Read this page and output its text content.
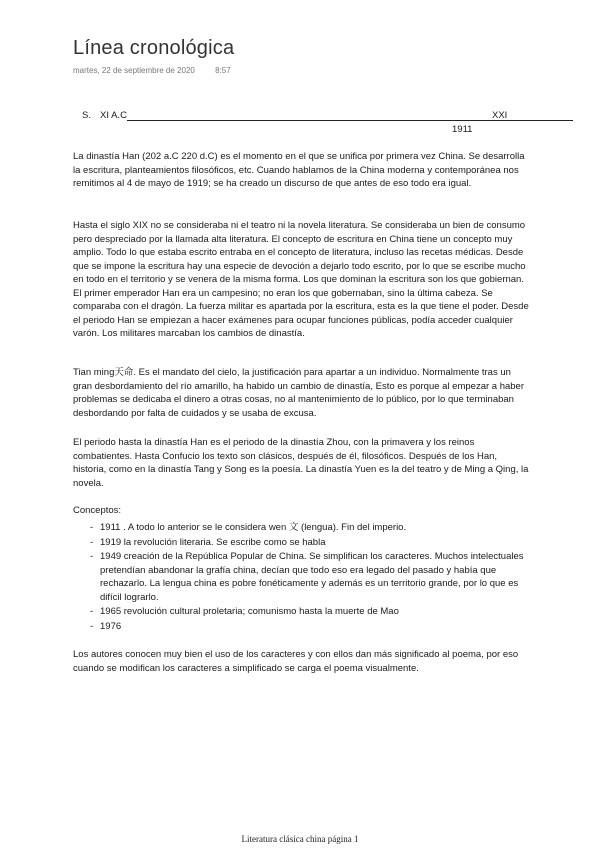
Línea cronológica
martes, 22 de septiembre de 2020	8:57
S. XI A.C	XXI
1911
La dinastía Han (202 a.C 220 d.C) es el momento en el que se unifica por primera vez China. Se desarrolla la escritura, planteamientos filosóficos, etc. Cuando hablamos de la China moderna y contemporánea nos remitimos al 4 de mayo de 1919; se ha creado un discurso de que antes de eso todo era igual.
Hasta el siglo XIX no se consideraba ni el teatro ni la novela literatura. Se consideraba un bien de consumo pero despreciado por la llamada alta literatura. El concepto de escritura en China tiene un concepto muy amplio. Todo lo que estaba escrito entraba en el concepto de literatura, incluso las recetas médicas. Desde que se impone la escritura hay una especie de devoción a dejarlo todo escrito, por lo que se escribe mucho en todo en el territorio y se venera de la misma forma. Los que dominan la escritura son los que gobiernan. El primer emperador Han era un campesino; no eran los que gobernaban, sino la última cabeza. Se comparaba con el dragón. La fuerza militar es apartada por la escritura, esta es la que tiene el poder. Desde el periodo Han se empiezan a hacer exámenes para ocupar funciones públicas, podía acceder cualquier varón. Los militares marcaban los cambios de dinastía.
Tian ming天命. Es el mandato del cielo, la justificación para apartar a un individuo. Normalmente tras un gran desbordamiento del río amarillo, ha habido un cambio de dinastía, Esto es porque al empezar a haber problemas se dedicaba el dinero a otras cosas, no al mantenimiento de lo público, por lo que terminaban desbordando por falta de cuidados y se usaba de excusa.
El periodo hasta la dinastía Han es el periodo de la dinastía Zhou, con la primavera y los reinos combatientes. Hasta Confucio los texto son clásicos, después de él, filosóficos. Después de los Han, historia, como en la dinastía Tang y Song es la poesía. La dinastía Yuen es la del teatro y de Ming a Qing, la novela.
Conceptos:
- 1911 . A todo lo anterior se le considera wen 文 (lengua). Fin del imperio.
- 1919 la revolución literaria. Se escribe como se habla
- 1949 creación de la República Popular de China. Se simplifican los caracteres. Muchos intelectuales pretendían abandonar la grafía china, decían que todo eso era legado del pasado y había que rechazarlo. La lengua china es pobre fonéticamente y además es un territorio grande, por lo que es difícil lograrlo.
- 1965 revolución cultural proletaria; comunismo hasta la muerte de Mao
- 1976
Los autores conocen muy bien el uso de los caracteres y con ellos dan más significado al poema, por eso cuando se modifican los caracteres a simplificado se carga el poema visualmente.
Literatura clásica china página 1
